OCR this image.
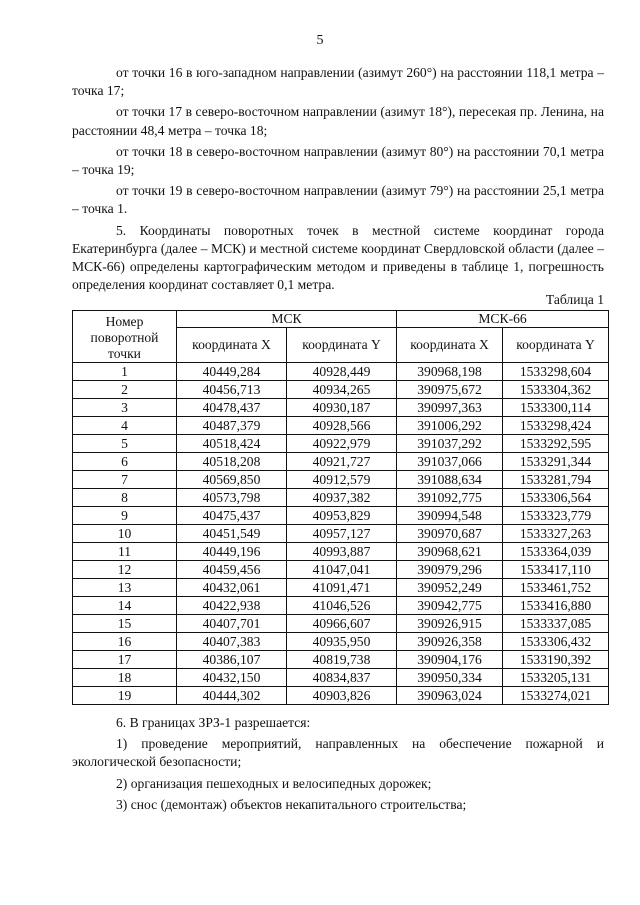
5

от точки 16 в юго-западном направлении (азимут 260°) на расстоянии 118,1 метра – точка 17;

от точки 17 в северо-восточном направлении (азимут 18°), пересекая пр. Ленина, на расстоянии 48,4 метра – точка 18;

от точки 18 в северо-восточном направлении (азимут 80°) на расстоянии 70,1 метра – точка 19;

от точки 19 в северо-восточном направлении (азимут 79°) на расстоянии 25,1 метра – точка 1.

5. Координаты поворотных точек в местной системе координат города Екатеринбурга (далее – МСК) и местной системе координат Свердловской области (далее – МСК-66) определены картографическим методом и приведены в таблице 1, погрешность определения координат составляет 0,1 метра.

Таблица 1
Номер поворотной точки	МСК		МСК-66	
	координата X	координата Y	координата X	координата Y
1	40449,284	40928,449	390968,198	1533298,604
2	40456,713	40934,265	390975,672	1533304,362
3	40478,437	40930,187	390997,363	1533300,114
4	40487,379	40928,566	391006,292	1533298,424
5	40518,424	40922,979	391037,292	1533292,595
6	40518,208	40921,727	391037,066	1533291,344
7	40569,850	40912,579	391088,634	1533281,794
8	40573,798	40937,382	391092,775	1533306,564
9	40475,437	40953,829	390994,548	1533323,779
10	40451,549	40957,127	390970,687	1533327,263
11	40449,196	40993,887	390968,621	1533364,039
12	40459,456	41047,041	390979,296	1533417,110
13	40432,061	41091,471	390952,249	1533461,752
14	40422,938	41046,526	390942,775	1533416,880
15	40407,701	40966,607	390926,915	1533337,085
16	40407,383	40935,950	390926,358	1533306,432
17	40386,107	40819,738	390904,176	1533190,392
18	40432,150	40834,837	390950,334	1533205,131
19	40444,302	40903,826	390963,024	1533274,021

6. В границах ЗРЗ-1 разрешается:

1) проведение мероприятий, направленных на обеспечение пожарной и экологической безопасности;

2) организация пешеходных и велосипедных дорожек;

3) снос (демонтаж) объектов некапитального строительства;
